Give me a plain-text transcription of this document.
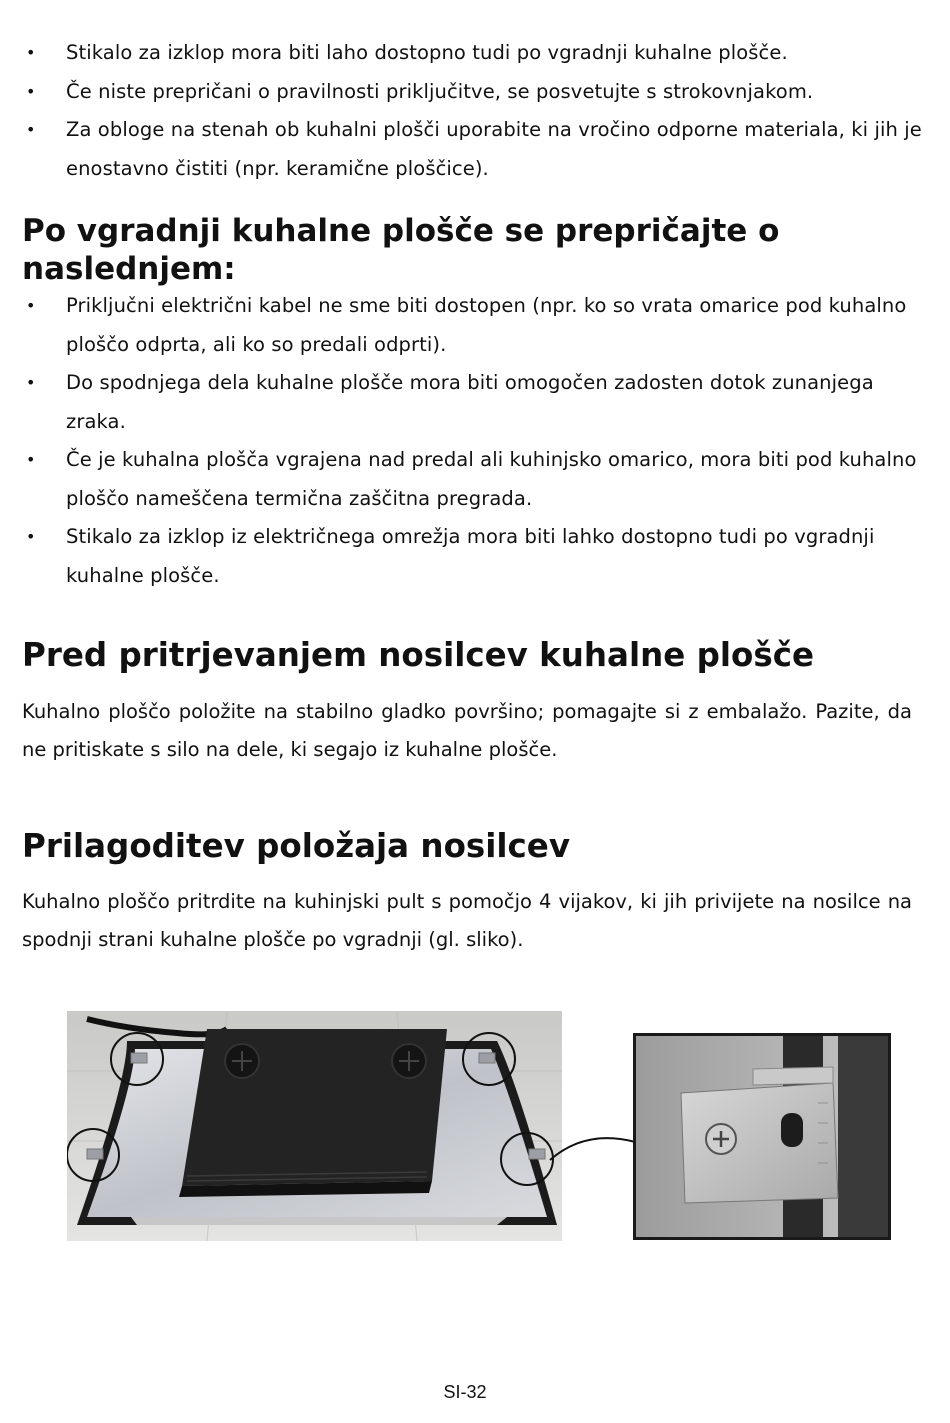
• Stikalo za izklop mora biti laho dostopno tudi po vgradnji kuhalne plošče.
• Če niste prepričani o pravilnosti priključitve, se posvetujte s strokovnjakom.
• Za obloge na stenah ob kuhalni plošči uporabite na vročino odporne materiala, ki jih je enostavno čistiti (npr. keramične ploščice).
Po vgradnji kuhalne plošče se prepričajte o naslednjem:
• Priključni električni kabel ne sme biti dostopen (npr. ko so vrata omarice pod kuhalno ploščo odprta, ali ko so predali odprti).
• Do spodnjega dela kuhalne plošče mora biti omogočen zadosten dotok zunanjega zraka.
• Če je kuhalna plošča vgrajena nad predal ali kuhinjsko omarico, mora biti pod kuhalno ploščo nameščena termična zaščitna pregrada.
• Stikalo za izklop iz električnega omrežja mora biti lahko dostopno tudi po vgradnji kuhalne plošče.
Pred pritrjevanjem nosilcev kuhalne plošče

Kuhalno ploščo položite na stabilno gladko površino; pomagajte si z embalažo. Pazite, da ne pritiskate s silo na dele, ki segajo iz kuhalne plošče.

Prilagoditev položaja nosilcev

Kuhalno ploščo pritrdite na kuhinjski pult s pomočjo 4 vijakov, ki jih privijete na nosilce na spodnji strani kuhalne plošče po vgradnji (gl. sliko).

SI-32
